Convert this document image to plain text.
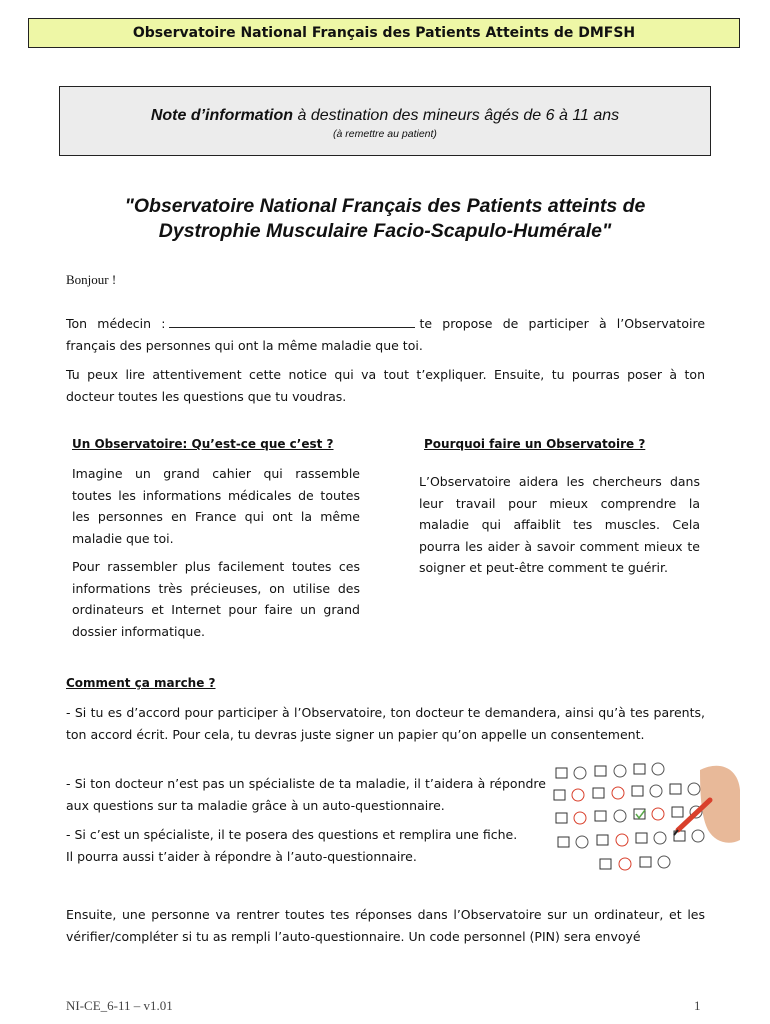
Observatoire National Français des Patients Atteints de DMFSH
Note d’information à destination des mineurs âgés de 6 à 11 ans
(à remettre au patient)
"Observatoire National Français des Patients atteints de
Dystrophie Musculaire Facio-Scapulo-Humérale"
Bonjour !
Ton médecin :	te propose de participer à l’Observatoire français des personnes qui ont la même maladie que toi.
Tu peux lire attentivement cette notice qui va tout t’expliquer. Ensuite, tu pourras poser à ton docteur toutes les questions que tu voudras.
Un Observatoire: Qu’est-ce que c’est ?
Imagine un grand cahier qui rassemble toutes les informations médicales de toutes les personnes en France qui ont la même maladie que toi.
Pour rassembler plus facilement toutes ces informations très précieuses, on utilise des ordinateurs et Internet pour faire un grand dossier informatique.
Pourquoi faire un Observatoire ?
L’Observatoire aidera les chercheurs dans leur travail pour mieux comprendre la maladie qui affaiblit tes muscles. Cela pourra les aider à savoir comment mieux te soigner et peut-être comment te guérir.
Comment ça marche ?
- Si tu es d’accord pour participer à l’Observatoire, ton docteur te demandera, ainsi qu’à tes parents, ton accord écrit. Pour cela, tu devras juste signer un papier qu’on appelle un consentement.
- Si ton docteur n’est pas un spécialiste de ta maladie, il t’aidera à répondre aux questions sur ta maladie grâce à un auto-questionnaire.
- Si c’est un spécialiste, il te posera des questions et remplira une fiche.
Il pourra aussi t’aider à répondre à l’auto-questionnaire.
Ensuite, une personne va rentrer toutes tes réponses dans l’Observatoire sur un ordinateur, et les vérifier/compléter si tu as rempli l’auto-questionnaire. Un code personnel (PIN) sera envoyé
NI-CE_6-11 – v1.01	1
